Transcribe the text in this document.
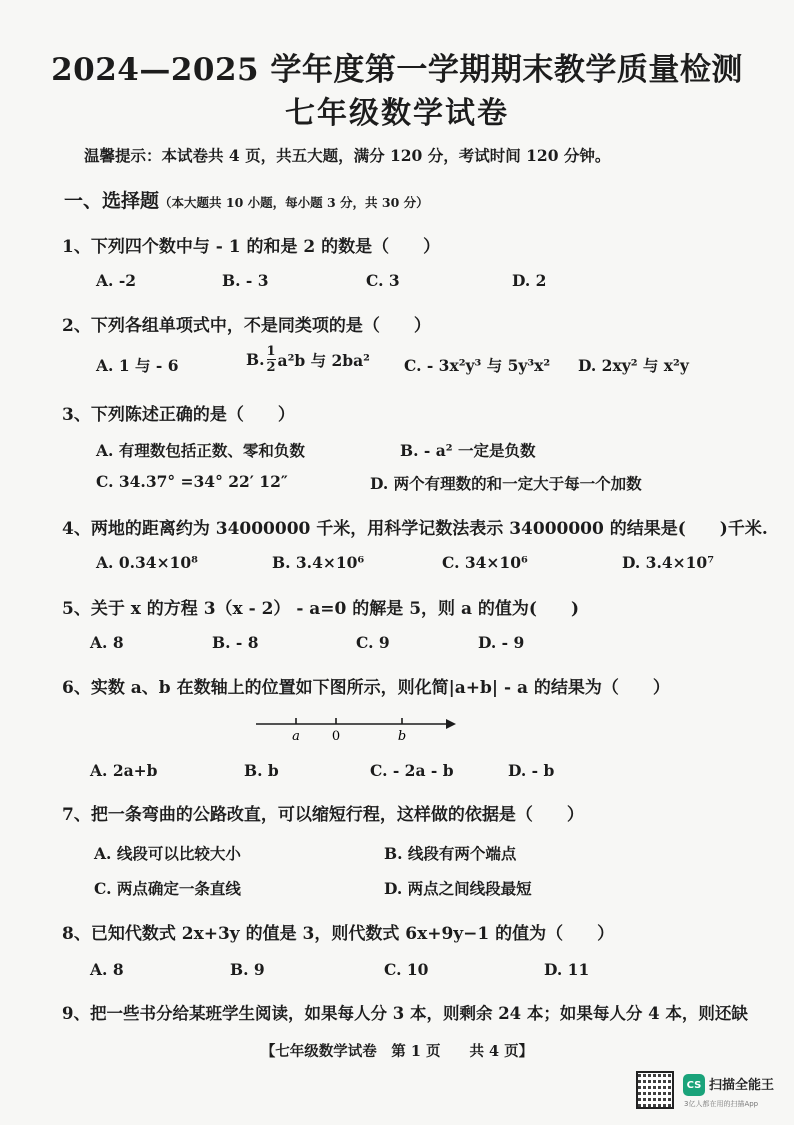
2024—2025 学年度第一学期期末教学质量检测
七年级数学试卷
温馨提示：本试卷共 4 页，共五大题，满分 120 分，考试时间 120 分钟。
一、选择题（本大题共 10 小题，每小题 3 分，共 30 分）
1、下列四个数中与 - 1 的和是 2 的数是（　　）
A. -2	B. - 3	C. 3	D. 2
2、下列各组单项式中，不是同类项的是（　　）
A. 1 与 - 6	B. $\frac{1}{2} a^2b$ 与 2ba² C. - 3x²y³ 与 5y³x² D. 2xy² 与 x²y
3、下列陈述正确的是（　　）
A. 有理数包括正数、零和负数	B. - a² 一定是负数
C. 34.37° =34° 22′ 12″	D. 两个有理数的和一定大于每一个加数
4、两地的距离约为 34000000 千米，用科学记数法表示 34000000 的结果是(　　)千米.
A. 0.34×10⁸	B. 3.4×10⁶	C. 34×10⁶	D. 3.4×10⁷
5、关于 x 的方程 3（x - 2） - a=0 的解是 5，则 a 的值为(　　)
A. 8	B. - 8	C. 9	D. - 9
6、实数 a、b 在数轴上的位置如下图所示，则化简|a+b| - a 的结果为（　　）
a 0	b
A. 2a+b	B. b	C. - 2a - b	D. - b
7、把一条弯曲的公路改直，可以缩短行程，这样做的依据是（　　）
A. 线段可以比较大小	B. 线段有两个端点
C. 两点确定一条直线	D. 两点之间线段最短
8、已知代数式 2x+3y 的值是 3，则代数式 6x+9y−1 的值为（　　）
A. 8	B. 9	C. 10	D. 11
9、把一些书分给某班学生阅读，如果每人分 3 本，则剩余 24 本；如果每人分 4 本，则还缺
【七年级数学试卷　第 1 页　　共 4 页】
CS 扫描全能王
3亿人都在用的扫描App
